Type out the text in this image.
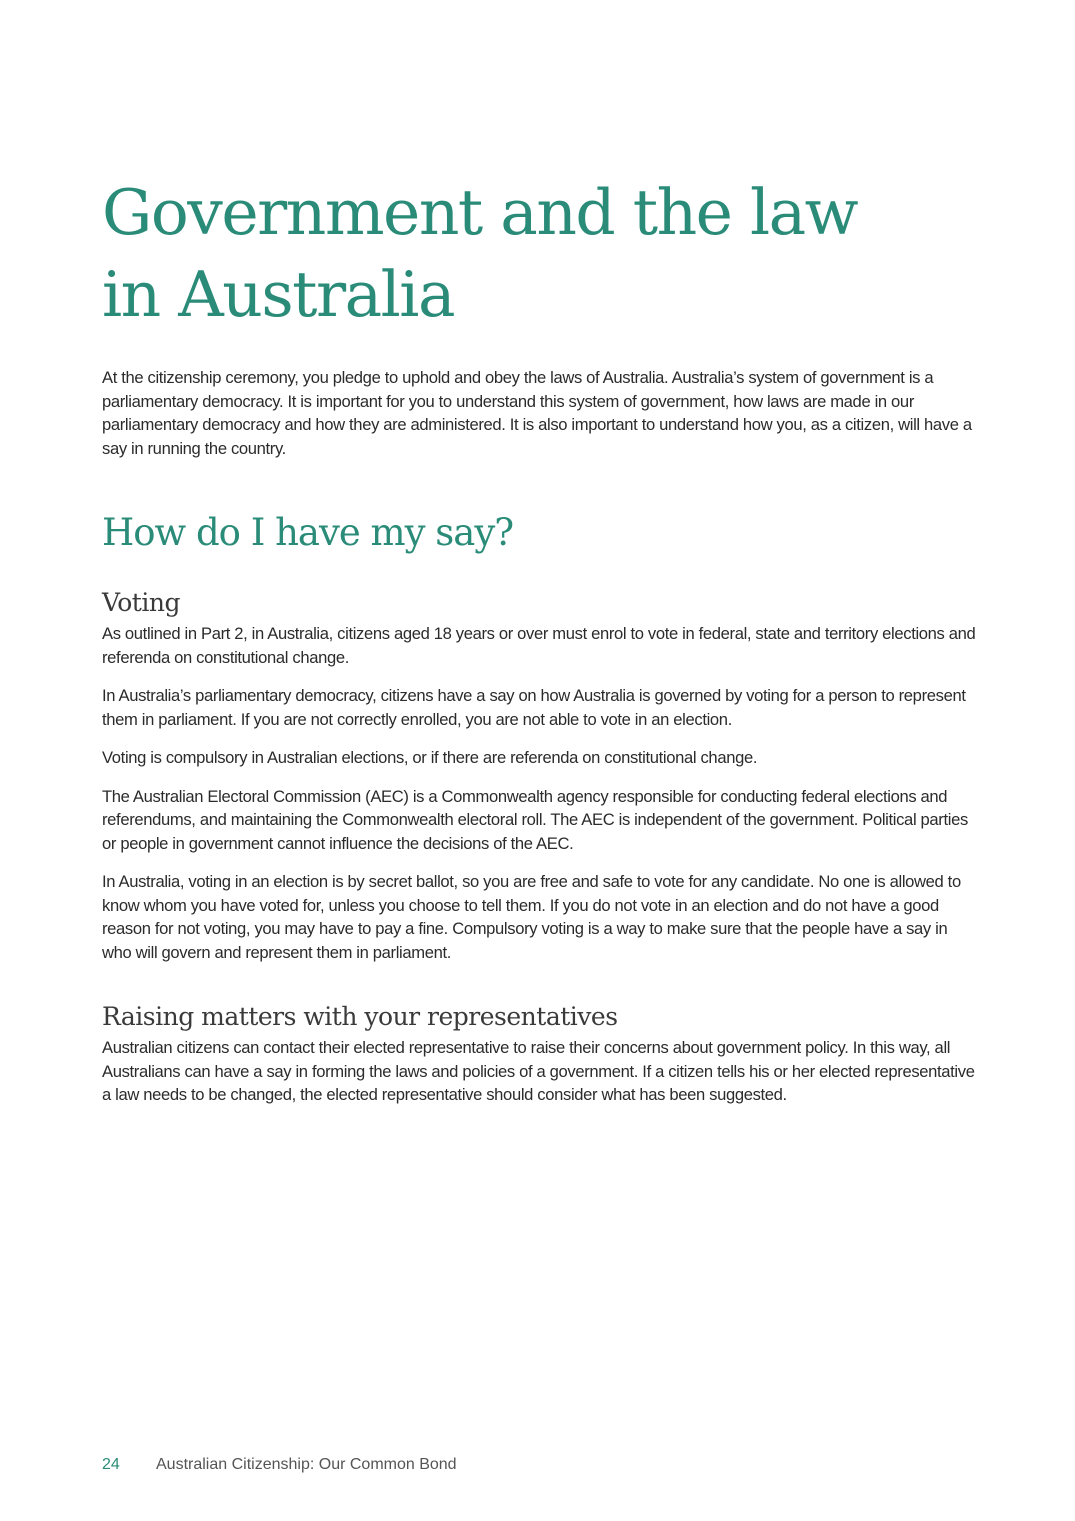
Government and the law
in Australia

At the citizenship ceremony, you pledge to uphold and obey the laws of Australia. Australia’s system of government is a parliamentary democracy. It is important for you to understand this system of government, how laws are made in our parliamentary democracy and how they are administered. It is also important to understand how you, as a citizen, will have a say in running the country.

How do I have my say?
Voting

As outlined in Part 2, in Australia, citizens aged 18 years or over must enrol to vote in federal, state and territory elections and referenda on constitutional change.

In Australia’s parliamentary democracy, citizens have a say on how Australia is governed by voting for a person to represent them in parliament. If you are not correctly enrolled, you are not able to vote in an election.

Voting is compulsory in Australian elections, or if there are referenda on constitutional change.

The Australian Electoral Commission (AEC) is a Commonwealth agency responsible for conducting federal elections and referendums, and maintaining the Commonwealth electoral roll. The AEC is independent of the government. Political parties or people in government cannot influence the decisions of the AEC.

In Australia, voting in an election is by secret ballot, so you are free and safe to vote for any candidate. No one is allowed to know whom you have voted for, unless you choose to tell them. If you do not vote in an election and do not have a good reason for not voting, you may have to pay a fine. Compulsory voting is a way to make sure that the people have a say in who will govern and represent them in parliament.

Raising matters with your representatives

Australian citizens can contact their elected representative to raise their concerns about government policy. In this way, all Australians can have a say in forming the laws and policies of a government. If a citizen tells his or her elected representative a law needs to be changed, the elected representative should consider what has been suggested.

24 Australian Citizenship: Our Common Bond
